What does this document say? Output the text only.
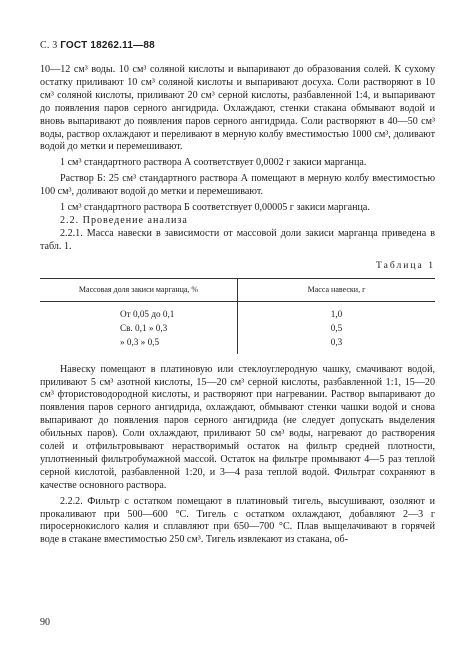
С. 3 ГОСТ 18262.11—88

10—12 см³ воды. 10 см³ соляной кислоты и выпаривают до образования солей. К сухому остатку приливают 10 см³ соляной кислоты и выпаривают досуха. Соли растворяют в 10 см³ соляной кислоты, приливают 20 см³ серной кислоты, разбавленной 1:4, и выпаривают до появления паров серного ангидрида. Охлаждают, стенки стакана обмывают водой и вновь выпаривают до появления паров серного ангидрида. Соли растворяют в 40—50 см³ воды, раствор охлаждают и переливают в мерную колбу вместимостью 1000 см³, доливают водой до метки и перемешивают.

1 см³ стандартного раствора А соответствует 0,0002 г закиси марганца.

Раствор Б: 25 см³ стандартного раствора А помещают в мерную колбу вместимостью 100 см³, доливают водой до метки и перемешивают.

1 см³ стандартного раствора Б соответствует 0,00005 г закиси марганца.

2.2. Проведение анализа

2.2.1. Масса навески в зависимости от массовой доли закиси марганца приведена в табл. 1.

Таблица 1
Массовая доля закиси марганца, %	Масса навески, г
От 0,05 до 0,1	1,0
Св. 0,1 » 0,3	0,5
» 0,3 » 0,5	0,3

Навеску помещают в платиновую или стеклоуглеродную чашку, смачивают водой, приливают 5 см³ азотной кислоты, 15—20 см³ серной кислоты, разбавленной 1:1, 15—20 см³ фтористоводородной кислоты, и растворяют при нагревании. Раствор выпаривают до появления паров серного ангидрида, охлаждают, обмывают стенки чашки водой и снова выпаривают до появления паров серного ангидрида (не следует допускать выделения обильных паров). Соли охлаждают, приливают 50 см³ воды, нагревают до растворения солей и отфильтровывают нерастворимый остаток на фильтр средней плотности, уплотненный фильтробумажной массой. Остаток на фильтре промывают 4—5 раз теплой серной кислотой, разбавленной 1:20, и 3—4 раза теплой водой. Фильтрат сохраняют в качестве основного раствора.

2.2.2. Фильтр с остатком помещают в платиновый тигель, высушивают, озоляют и прокаливают при 500—600 °С. Тигель с остатком охлаждают, добавляют 2—3 г пиросернокислого калия и сплавляют при 650—700 °С. Плав выщелачивают в горячей воде в стакане вместимостью 250 см³. Тигель извлекают из стакана, об-

90
